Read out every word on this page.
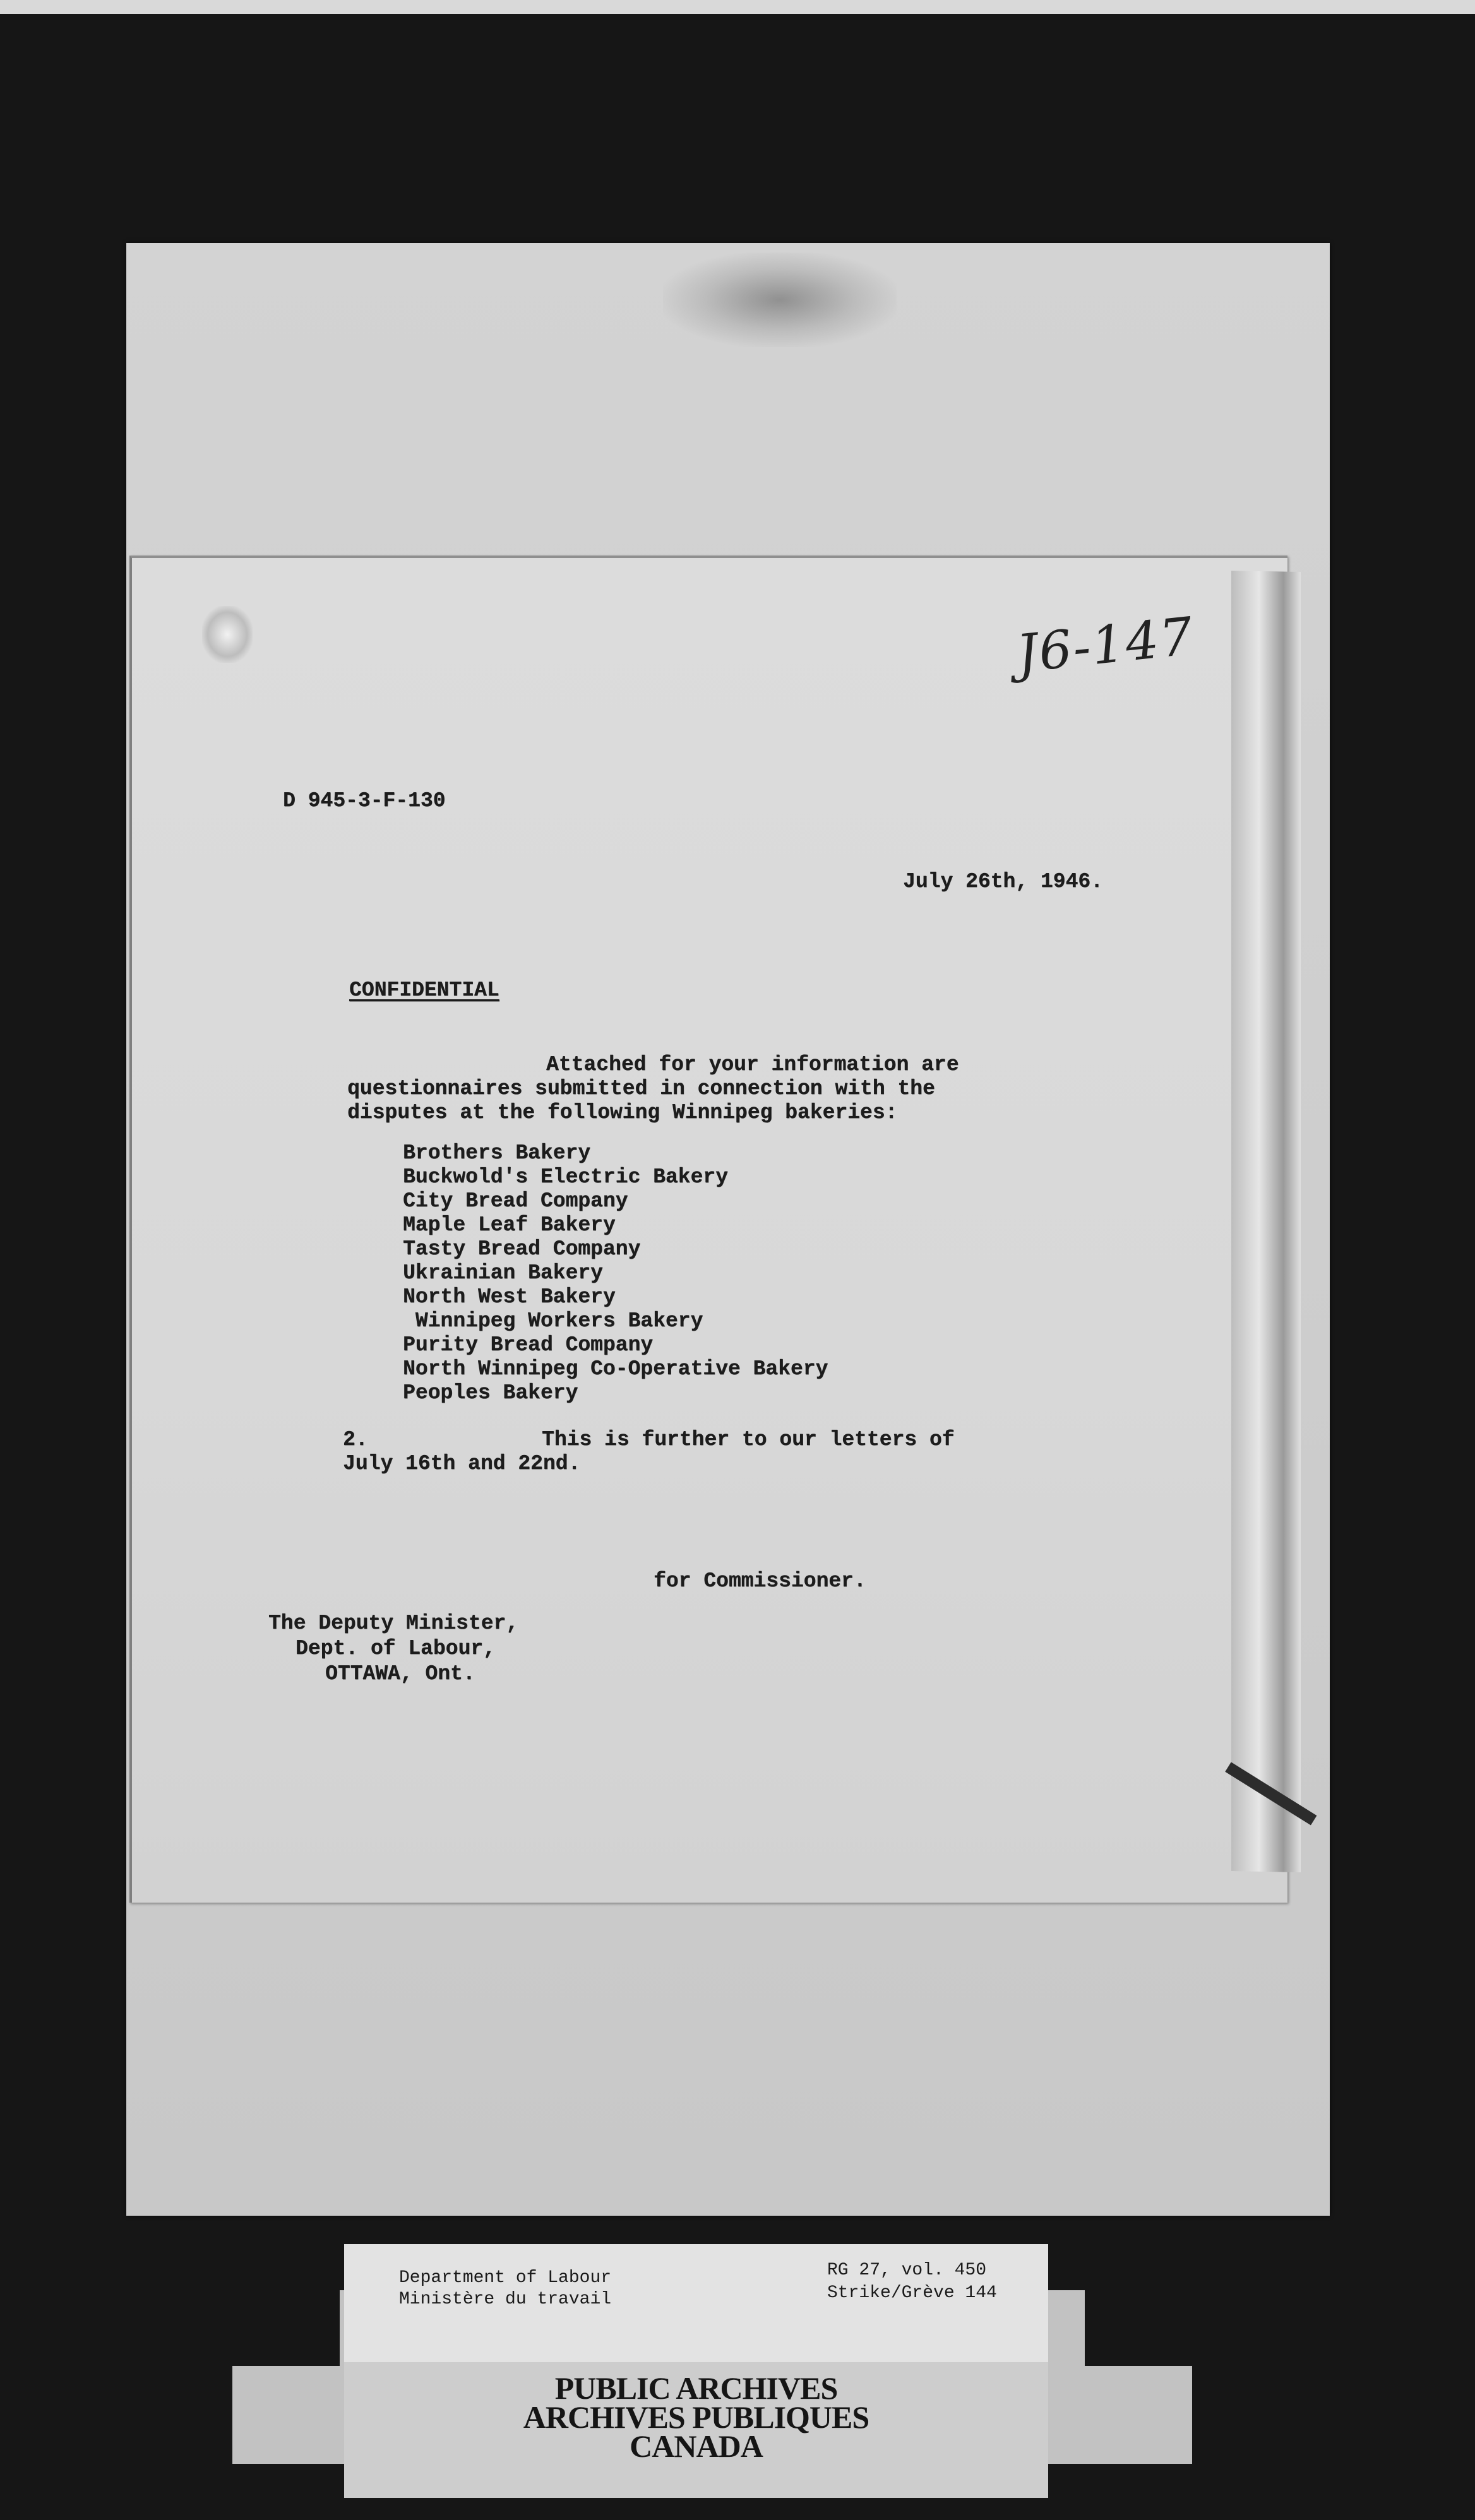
J6-147
D 945-3-F-130
July 26th, 1946.
CONFIDENTIAL
Attached for your information are
questionnaires submitted in connection with the
disputes at the following Winnipeg bakeries:
Brothers Bakery
Buckwold's Electric Bakery
City Bread Company
Maple Leaf Bakery
Tasty Bread Company
Ukrainian Bakery
North West Bakery
Winnipeg Workers Bakery
Purity Bread Company
North Winnipeg Co-Operative Bakery
Peoples Bakery
2.	This is further to our letters of
July 16th and 22nd.
for Commissioner.
The Deputy Minister,
Dept. of Labour,
OTTAWA, Ont.
Department of Labour
Ministère du travail
RG 27, vol. 450
Strike/Grève 144
PUBLIC ARCHIVES
ARCHIVES PUBLIQUES
CANADA
